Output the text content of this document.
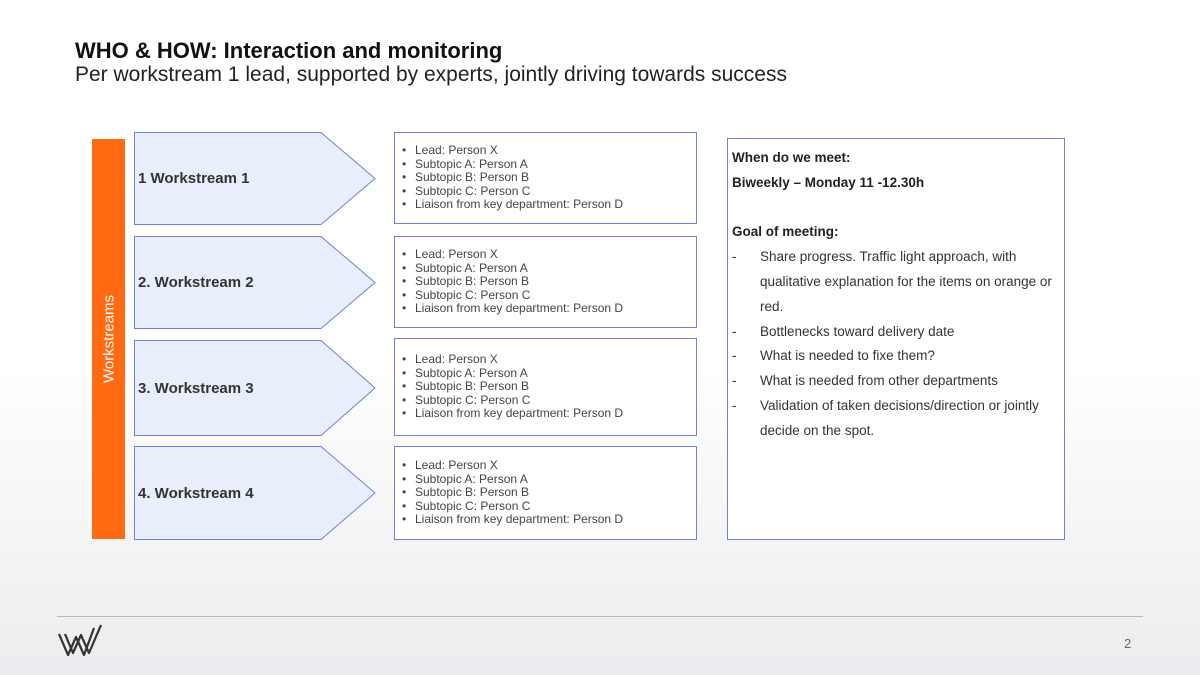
WHO & HOW: Interaction and monitoring
Per workstream 1 lead, supported by experts, jointly driving towards success
Workstreams
1 Workstream 1
• Lead: Person X
• Subtopic A: Person A
• Subtopic B: Person B
• Subtopic C: Person C
• Liaison from key department: Person D
2. Workstream 2
• Lead: Person X
• Subtopic A: Person A
• Subtopic B: Person B
• Subtopic C: Person C
• Liaison from key department: Person D
3. Workstream 3
• Lead: Person X
• Subtopic A: Person A
• Subtopic B: Person B
• Subtopic C: Person C
• Liaison from key department: Person D
4. Workstream 4
• Lead: Person X
• Subtopic A: Person A
• Subtopic B: Person B
• Subtopic C: Person C
• Liaison from key department: Person D
When do we meet:
Biweekly – Monday 11 -12.30h
Goal of meeting:
- Share progress. Traffic light approach, with qualitative explanation for the items on orange or red.
- Bottlenecks toward delivery date
- What is needed to fixe them?
- What is needed from other departments
- Validation of taken decisions/direction or jointly decide on the spot.
2
